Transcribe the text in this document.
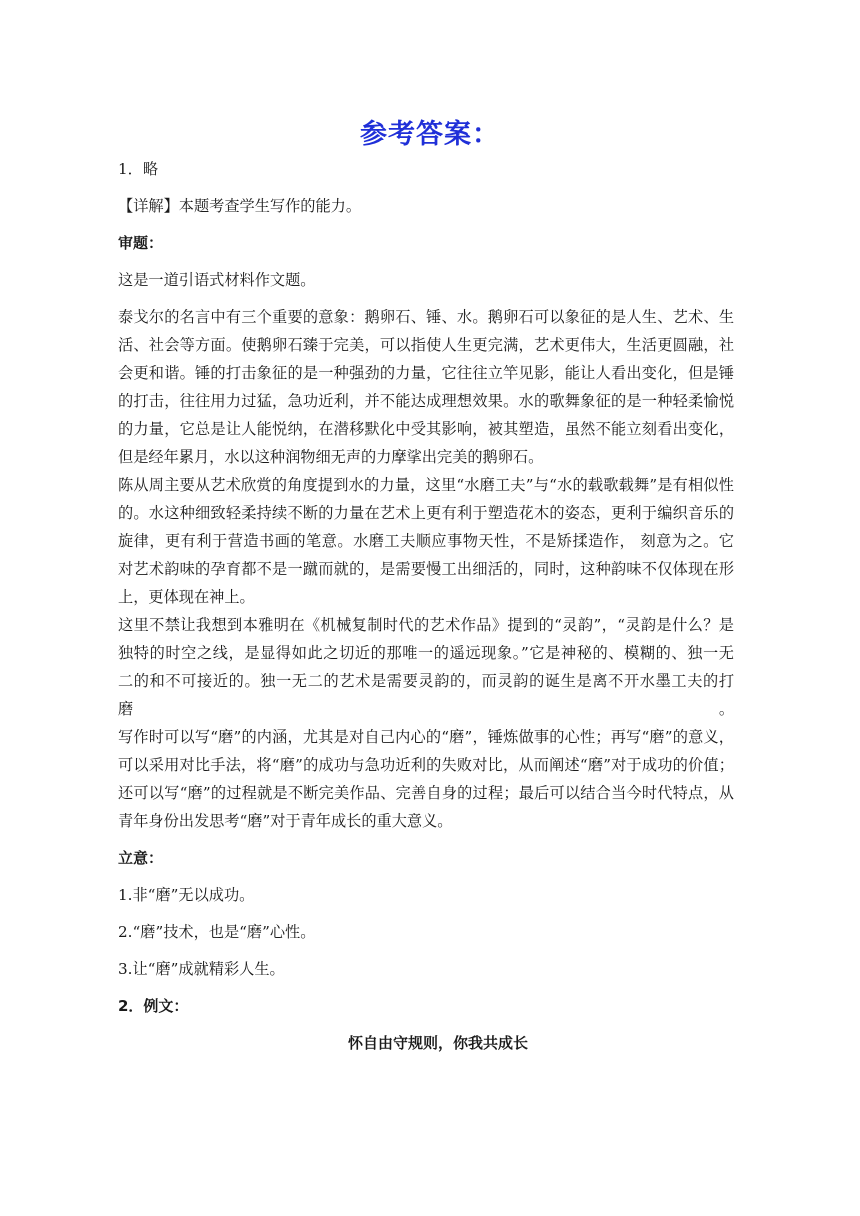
参考答案：

1．略

【详解】本题考查学生写作的能力。

审题：

这是一道引语式材料作文题。

泰戈尔的名言中有三个重要的意象：鹅卵石、锤、水。鹅卵石可以象征的是人生、艺术、生

活、社会等方面。使鹅卵石臻于完美，可以指使人生更完满，艺术更伟大，生活更圆融，社

会更和谐。锤的打击象征的是一种强劲的力量，它往往立竿见影，能让人看出变化，但是锤

的打击，往往用力过猛，急功近利，并不能达成理想效果。水的歌舞象征的是一种轻柔愉悦

的力量，它总是让人能悦纳，在潜移默化中受其影响，被其塑造，虽然不能立刻看出变化，

但是经年累月，水以这种润物细无声的力摩挲出完美的鹅卵石。

陈从周主要从艺术欣赏的角度提到水的力量，这里“水磨工夫”与“水的载歌载舞”是有相似性

的。水这种细致轻柔持续不断的力量在艺术上更有利于塑造花木的姿态，更利于编织音乐的

旋律，更有利于营造书画的笔意。水磨工夫顺应事物天性，不是矫揉造作， 刻意为之。它

对艺术韵味的孕育都不是一蹴而就的，是需要慢工出细活的，同时，这种韵味不仅体现在形

上，更体现在神上。

这里不禁让我想到本雅明在《机械复制时代的艺术作品》提到的“灵韵”，“灵韵是什么？是

独特的时空之线，是显得如此之切近的那唯一的遥远现象。”它是神秘的、模糊的、独一无

二的和不可接近的。独一无二的艺术是需要灵韵的，而灵韵的诞生是离不开水墨工夫的打磨。

写作时可以写“磨”的内涵，尤其是对自己内心的“磨”，锤炼做事的心性；再写“磨”的意义，

可以采用对比手法，将“磨”的成功与急功近利的失败对比，从而阐述“磨”对于成功的价值；

还可以写“磨”的过程就是不断完美作品、完善自身的过程；最后可以结合当今时代特点，从

青年身份出发思考“磨”对于青年成长的重大意义。

立意：

1.非“磨”无以成功。

2.“磨”技术，也是“磨”心性。

3.让“磨”成就精彩人生。

2．例文：

怀自由守规则，你我共成长
